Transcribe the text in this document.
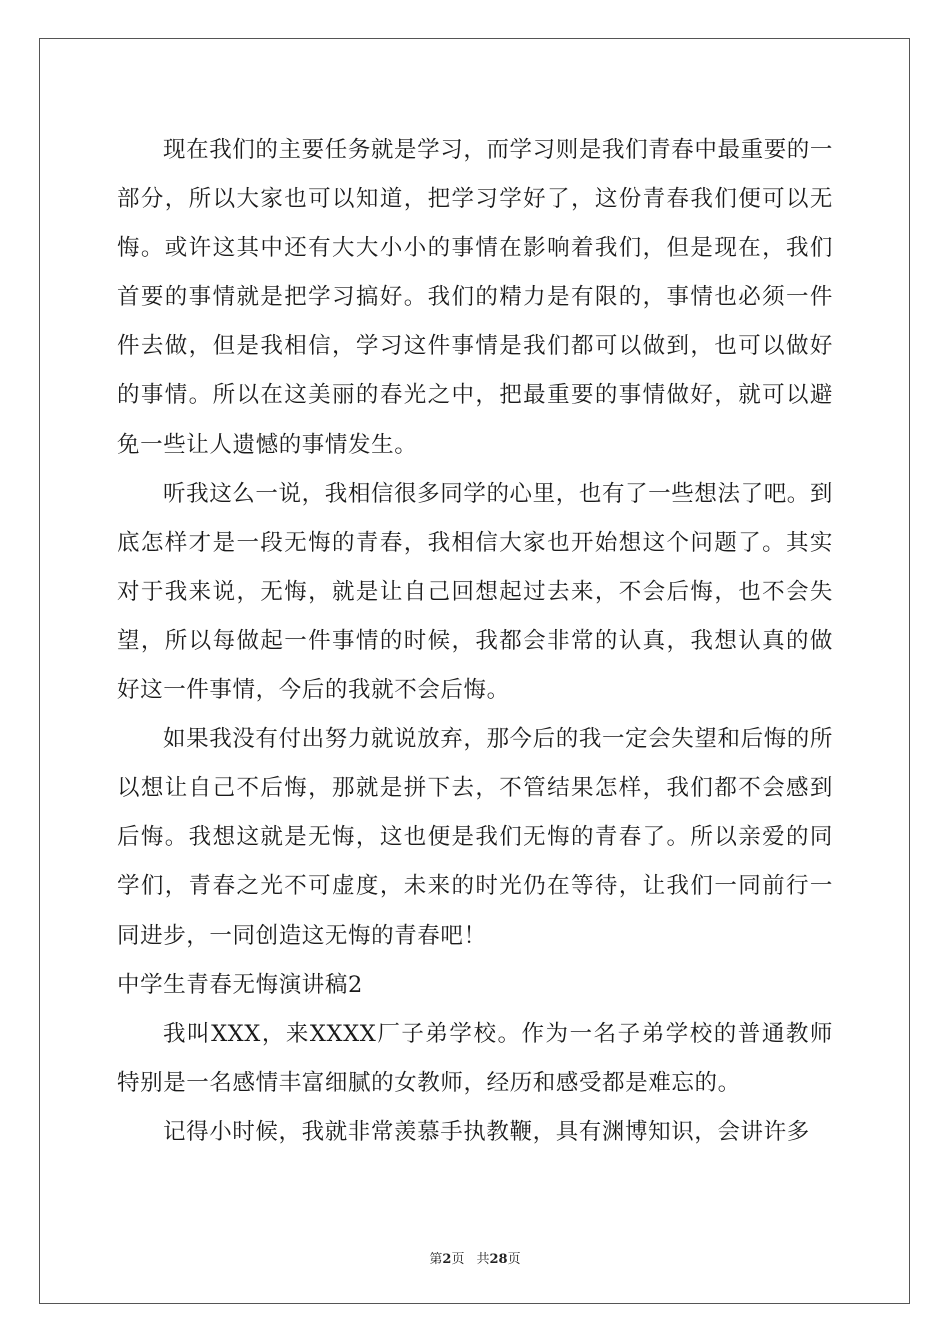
现在我们的主要任务就是学习，而学习则是我们青春中最重要的一部分，所以大家也可以知道，把学习学好了，这份青春我们便可以无悔。或许这其中还有大大小小的事情在影响着我们，但是现在，我们首要的事情就是把学习搞好。我们的精力是有限的，事情也必须一件件去做，但是我相信，学习这件事情是我们都可以做到，也可以做好的事情。所以在这美丽的春光之中，把最重要的事情做好，就可以避免一些让人遗憾的事情发生。

听我这么一说，我相信很多同学的心里，也有了一些想法了吧。到底怎样才是一段无悔的青春，我相信大家也开始想这个问题了。其实对于我来说，无悔，就是让自己回想起过去来，不会后悔，也不会失望，所以每做起一件事情的时候，我都会非常的认真，我想认真的做好这一件事情，今后的我就不会后悔。

如果我没有付出努力就说放弃，那今后的我一定会失望和后悔的所以想让自己不后悔，那就是拼下去，不管结果怎样，我们都不会感到后悔。我想这就是无悔，这也便是我们无悔的青春了。所以亲爱的同学们，青春之光不可虚度，未来的时光仍在等待，让我们一同前行一同进步，一同创造这无悔的青春吧！

中学生青春无悔演讲稿2

我叫XXX，来XXXX厂子弟学校。作为一名子弟学校的普通教师特别是一名感情丰富细腻的女教师，经历和感受都是难忘的。

记得小时候，我就非常羡慕手执教鞭，具有渊博知识，会讲许多

第2页 共28页
